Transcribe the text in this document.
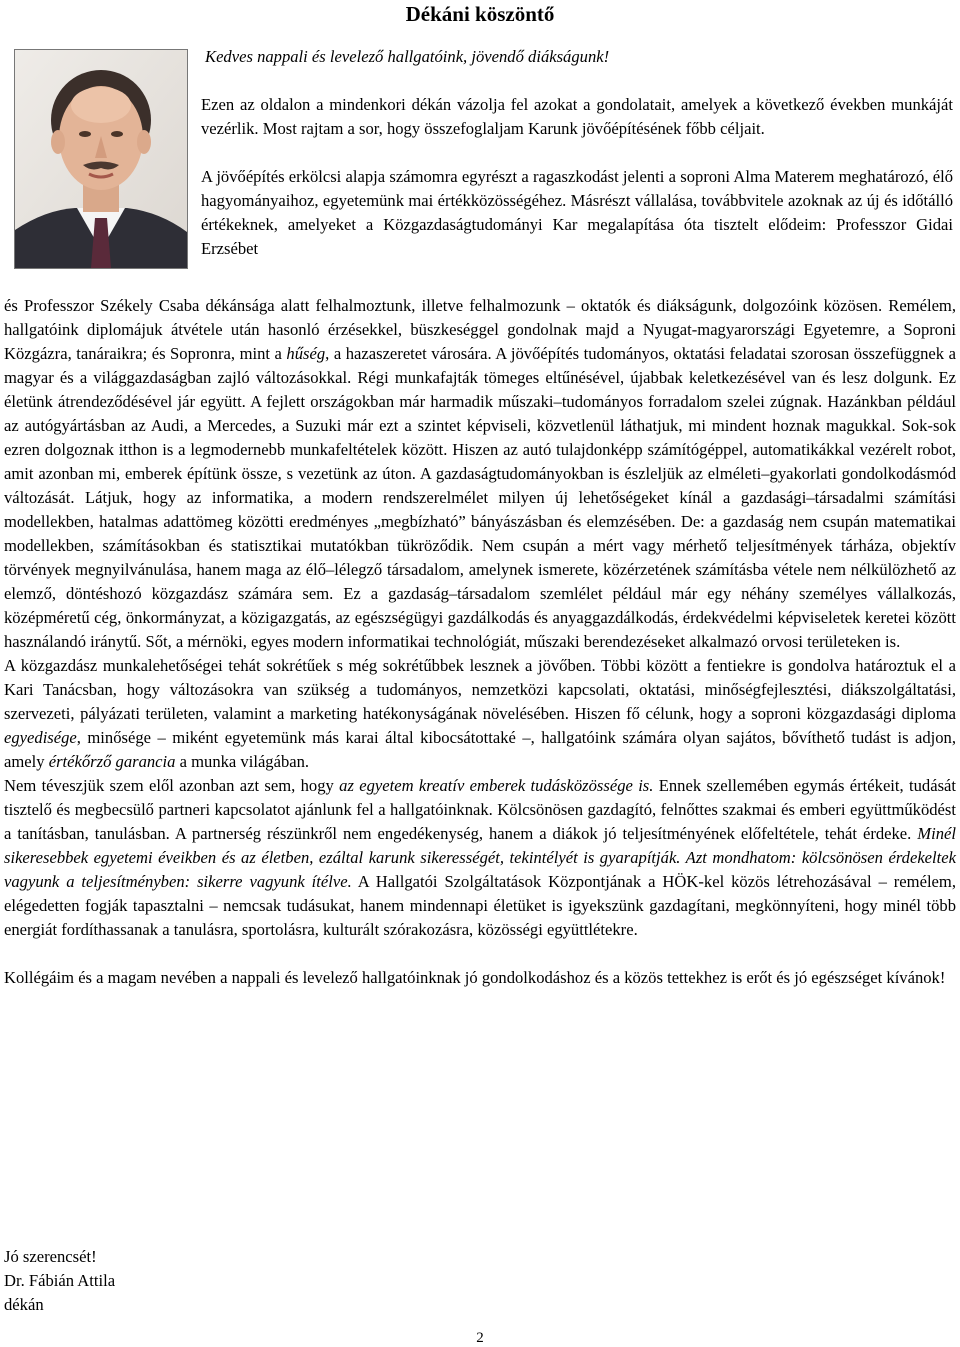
Dékáni köszöntő

Kedves nappali és levelező hallgatóink, jövendő diákságunk!

Ezen az oldalon a mindenkori dékán vázolja fel azokat a gondolatait, amelyek a következő években munkáját vezérlik. Most rajtam a sor, hogy összefoglaljam Karunk jövőépítésének főbb céljait.

A jövőépítés erkölcsi alapja számomra egyrészt a ragaszkodást jelenti a soproni Alma Materem meghatározó, élő hagyományaihoz, egyetemünk mai értékközösségéhez. Másrészt vállalása, továbbvitele azoknak az új és időtálló értékeknek, amelyeket a Közgazdaságtudományi Kar megalapítása óta tisztelt elődeim: Professzor Gidai Erzsébet

és Professzor Székely Csaba dékánsága alatt felhalmoztunk, illetve felhalmozunk – oktatók és diákságunk, dolgozóink közösen. Remélem, hallgatóink diplomájuk átvétele után hasonló érzésekkel, büszkeséggel gondolnak majd a Nyugat-magyarországi Egyetemre, a Soproni Közgázra, tanáraikra; és Sopronra, mint a hűség, a hazaszeretet városára. A jövőépítés tudományos, oktatási feladatai szorosan összefüggnek a magyar és a világgazdaságban zajló változásokkal. Régi munkafajták tömeges eltűnésével, újabbak keletkezésével van és lesz dolgunk. Ez életünk átrendeződésével jár együtt. A fejlett országokban már harmadik műszaki–tudományos forradalom szelei zúgnak. Hazánkban például az autógyártásban az Audi, a Mercedes, a Suzuki már ezt a szintet képviseli, közvetlenül láthatjuk, mi mindent hoznak magukkal. Sok-sok ezren dolgoznak itthon is a legmodernebb munkafeltételek között. Hiszen az autó tulajdonképp számítógéppel, automatikákkal vezérelt robot, amit azonban mi, emberek építünk össze, s vezetünk az úton. A gazdaságtudományokban is észleljük az elméleti–gyakorlati gondolkodásmód változását. Látjuk, hogy az informatika, a modern rendszerelmélet milyen új lehetőségeket kínál a gazdasági–társadalmi számítási modellekben, hatalmas adattömeg közötti eredményes „megbízható” bányászásban és elemzésében. De: a gazdaság nem csupán matematikai modellekben, számításokban és statisztikai mutatókban tükröződik. Nem csupán a mért vagy mérhető teljesítmények tárháza, objektív törvények megnyilvánulása, hanem maga az élő–lélegző társadalom, amelynek ismerete, közérzetének számításba vétele nem nélkülözhető az elemző, döntéshozó közgazdász számára sem. Ez a gazdaság–társadalom szemlélet például már egy néhány személyes vállalkozás, középméretű cég, önkormányzat, a közigazgatás, az egészségügyi gazdálkodás és anyaggazdálkodás, érdekvédelmi képviseletek keretei között használandó iránytű. Sőt, a mérnöki, egyes modern informatikai technológiát, műszaki berendezéseket alkalmazó orvosi területeken is.

A közgazdász munkalehetőségei tehát sokrétűek s még sokrétűbbek lesznek a jövőben. Többi között a fentiekre is gondolva határoztuk el a Kari Tanácsban, hogy változásokra van szükség a tudományos, nemzetközi kapcsolati, oktatási, minőségfejlesztési, diákszolgáltatási, szervezeti, pályázati területen, valamint a marketing hatékonyságának növelésében. Hiszen fő célunk, hogy a soproni közgazdasági diploma egyedisége, minősége – miként egyetemünk más karai által kibocsátottaké –, hallgatóink számára olyan sajátos, bővíthető tudást is adjon, amely értékőrző garancia a munka világában.

Nem téveszjük szem elől azonban azt sem, hogy az egyetem kreatív emberek tudásközössége is. Ennek szellemében egymás értékeit, tudását tisztelő és megbecsülő partneri kapcsolatot ajánlunk fel a hallgatóinknak. Kölcsönösen gazdagító, felnőttes szakmai és emberi együttműködést a tanításban, tanulásban. A partnerség részünkről nem engedékenység, hanem a diákok jó teljesítményének előfeltétele, tehát érdeke. Minél sikeresebbek egyetemi éveikben és az életben, ezáltal karunk sikerességét, tekintélyét is gyarapítják. Azt mondhatom: kölcsönösen érdekeltek vagyunk a teljesítményben: sikerre vagyunk ítélve. A Hallgatói Szolgáltatások Központjának a HÖK-kel közös létrehozásával – remélem, elégedetten fogják tapasztalni – nemcsak tudásukat, hanem mindennapi életüket is igyekszünk gazdagítani, megkönnyíteni, hogy minél több energiát fordíthassanak a tanulásra, sportolásra, kulturált szórakozásra, közösségi együttlétekre.

Kollégáim és a magam nevében a nappali és levelező hallgatóinknak jó gondolkodáshoz és a közös tettekhez is erőt és jó egészséget kívánok!

Jó szerencsét!
Dr. Fábián Attila
dékán
2
